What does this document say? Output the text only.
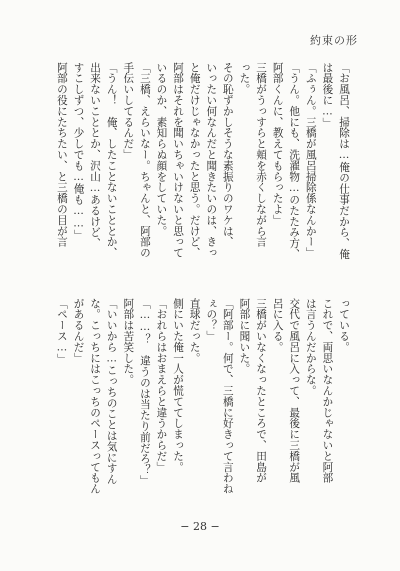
約束の形
「お風呂、掃除は…俺の仕事だから、俺
は最後に…」
「ふぅん。三橋が風呂掃除係なんかー」
「うん。他にも、洗濯物…のたたみ方、
阿部くんに、教えてもらったよ」
三橋がうっすらと頬を赤くしながら言
った。
その恥ずかしそうな素振りのワケは、
いったい何なんだと聞きたいのは、きっ
と俺だけじゃなかったと思う。だけど、
阿部はそれを聞いちゃいけないと思って
いるのか、素知らぬ顔をしていた。
「三橋、えらいなー。ちゃんと、阿部の
手伝いしてるんだ」
「うん！　俺、したことないこととか、
出来ないこととか、沢山…あるけど、
すこしずつ、少しでも…俺も……」
阿部の役にたちたい、と三橋の目が言
っている。
これで、両思いなんかじゃないと阿部
は言うんだからな。
交代で風呂に入って、最後に三橋が風
呂に入る。
三橋がいなくなったところで、田島が
阿部に聞いた。
「阿部ー。何で、三橋に好きって言わね
ぇの？」
直球だった。
側にいた俺一人が慌ててしまった。
「おれらはおまえらと違うからだ」
「……？　違うのは当たり前だろ？」
阿部は苦笑した。
「いいから…こっちのことは気にすん
な。こっちにはこっちのペースってもん
があるんだ」
「ペース…」
− 28 −
